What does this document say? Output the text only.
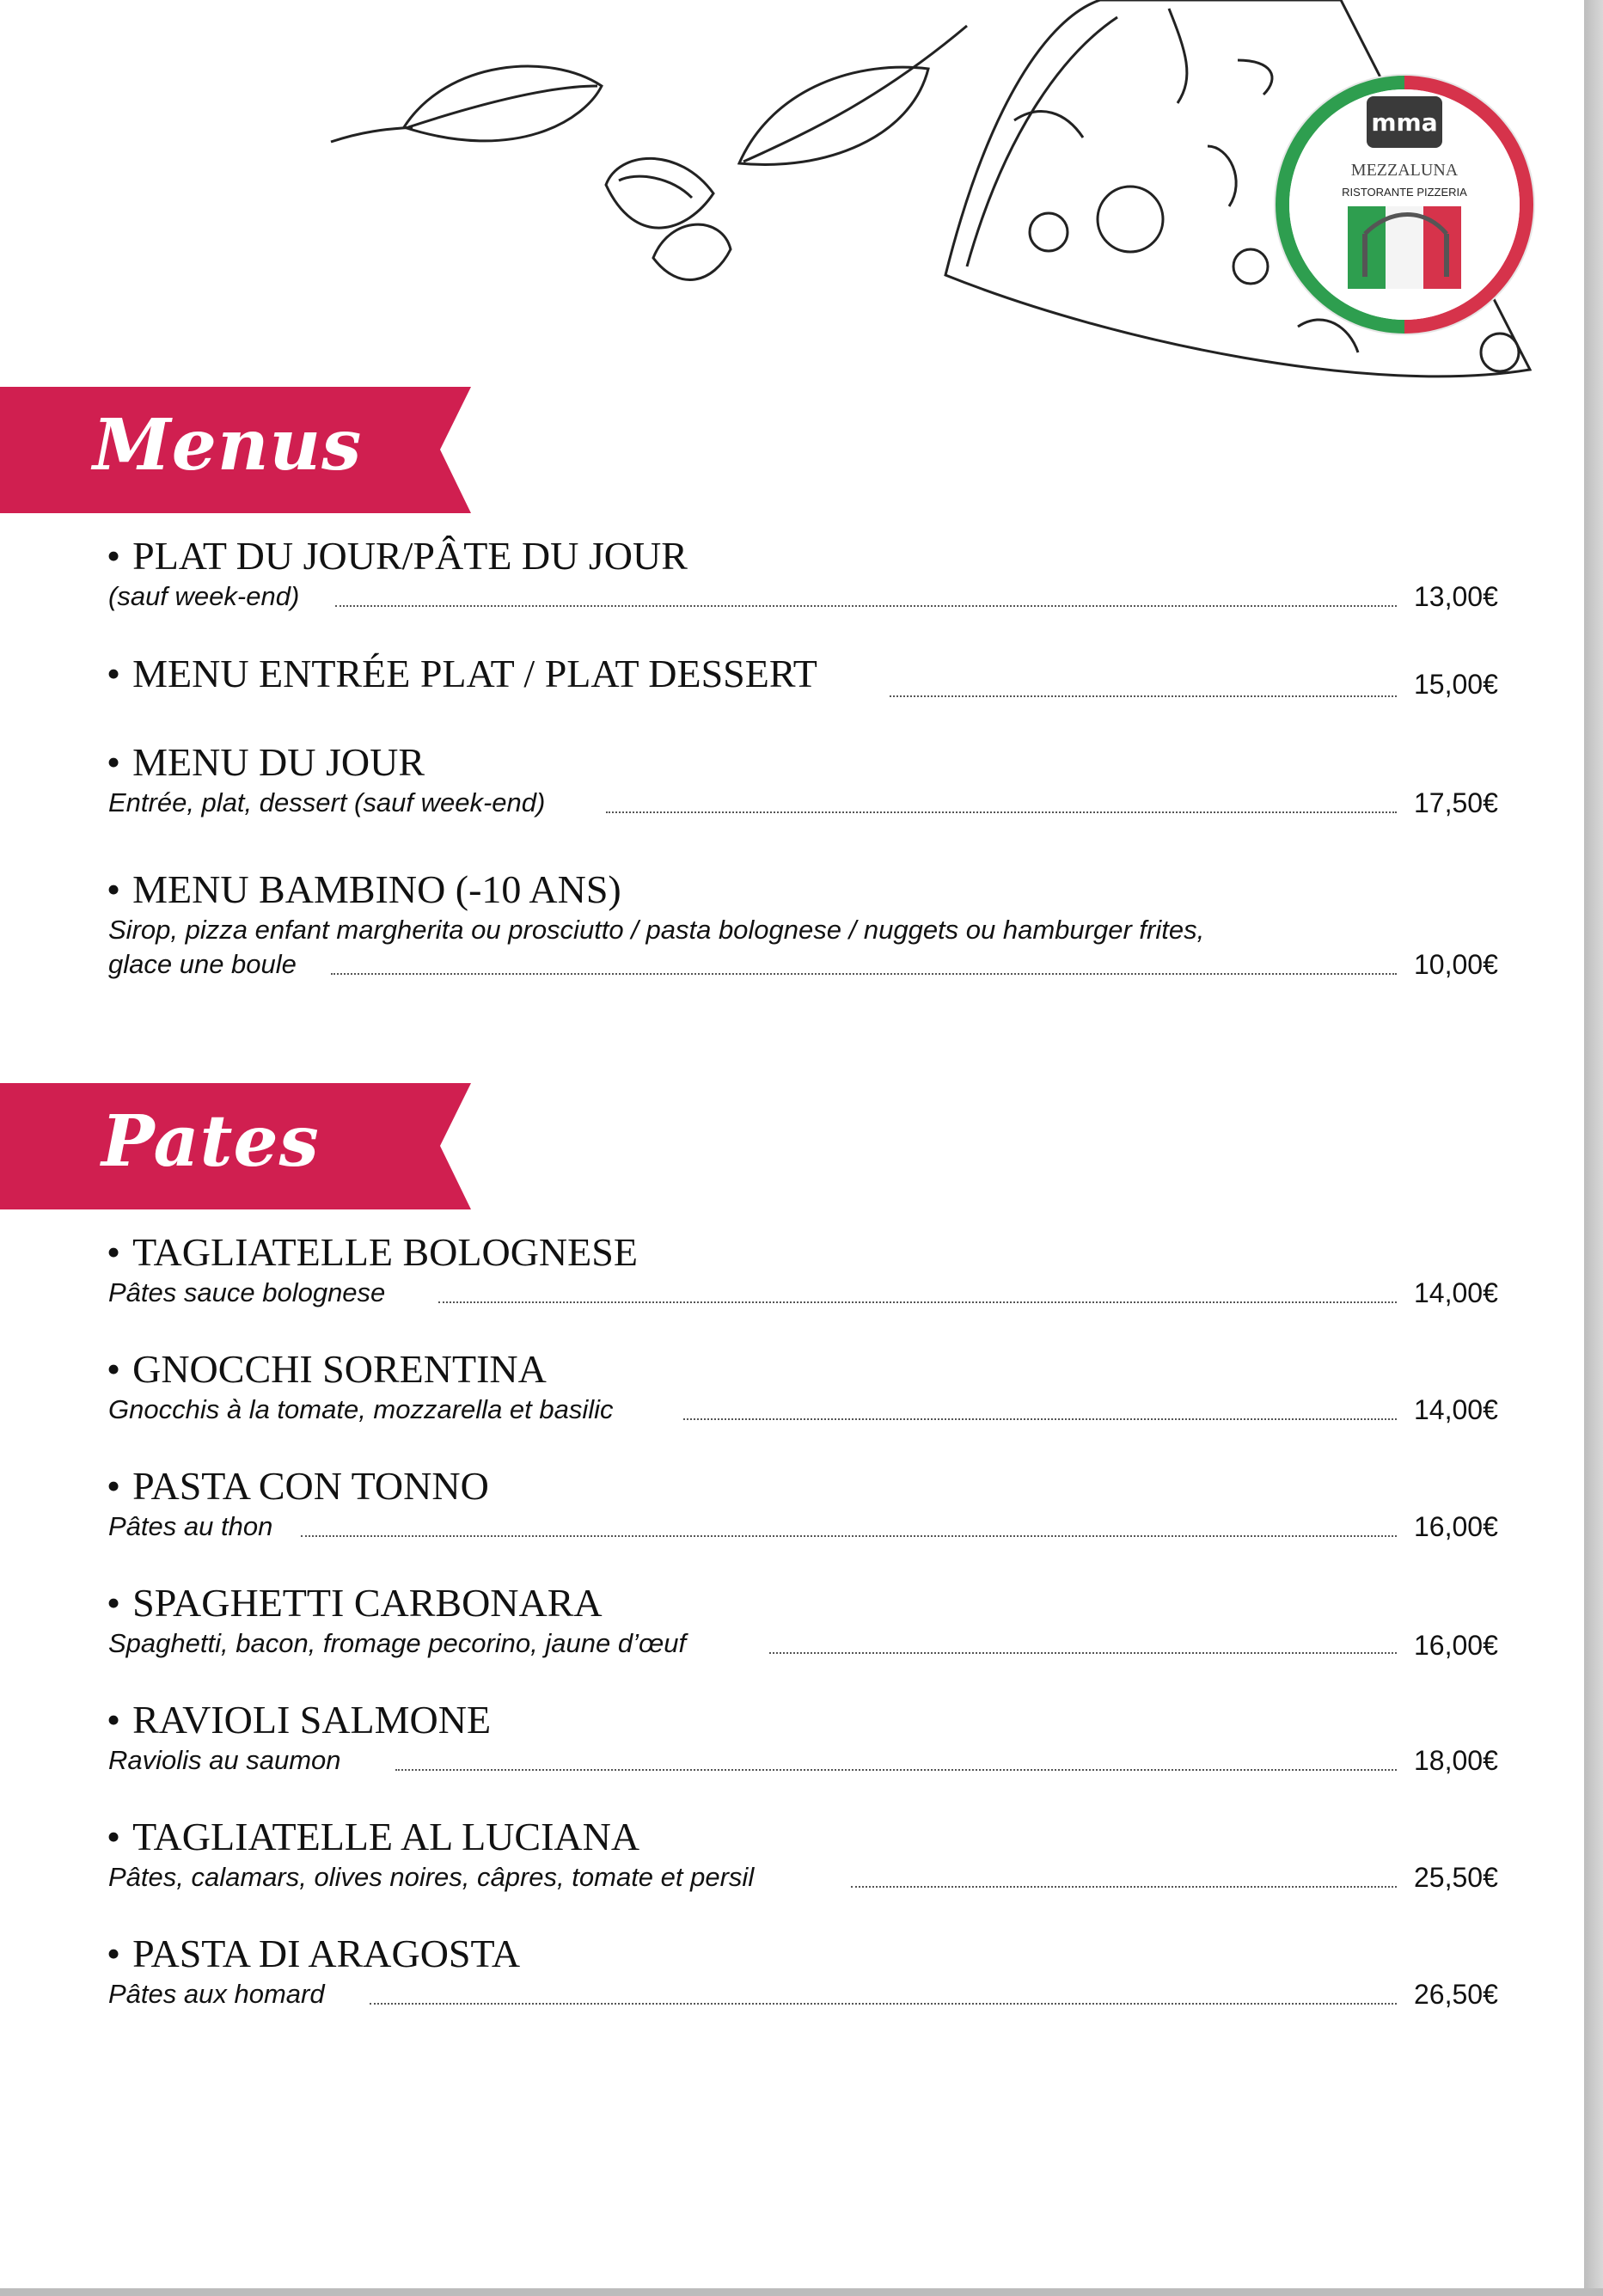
mma
MEZZALUNA
RISTORANTE PIZZERIA
Menus
• PLAT DU JOUR/PÂTE DU JOUR
(sauf week-end)	13,00€
• MENU ENTRÉE PLAT / PLAT DESSERT	15,00€
• MENU DU JOUR
Entrée, plat, dessert (sauf week-end)	17,50€
• MENU BAMBINO (-10 ANS)
Sirop, pizza enfant margherita ou prosciutto / pasta bolognese / nuggets ou hamburger frites,
glace une boule	10,00€
Pates
• TAGLIATELLE BOLOGNESE
Pâtes sauce bolognese	14,00€
• GNOCCHI SORENTINA
Gnocchis à la tomate, mozzarella et basilic	14,00€
• PASTA CON TONNO
Pâtes au thon	16,00€
• SPAGHETTI CARBONARA
Spaghetti, bacon, fromage pecorino, jaune d’œuf	16,00€
• RAVIOLI SALMONE
Raviolis au saumon	18,00€
• TAGLIATELLE AL LUCIANA
Pâtes, calamars, olives noires, câpres, tomate et persil	25,50€
• PASTA DI ARAGOSTA
Pâtes aux homard	26,50€
